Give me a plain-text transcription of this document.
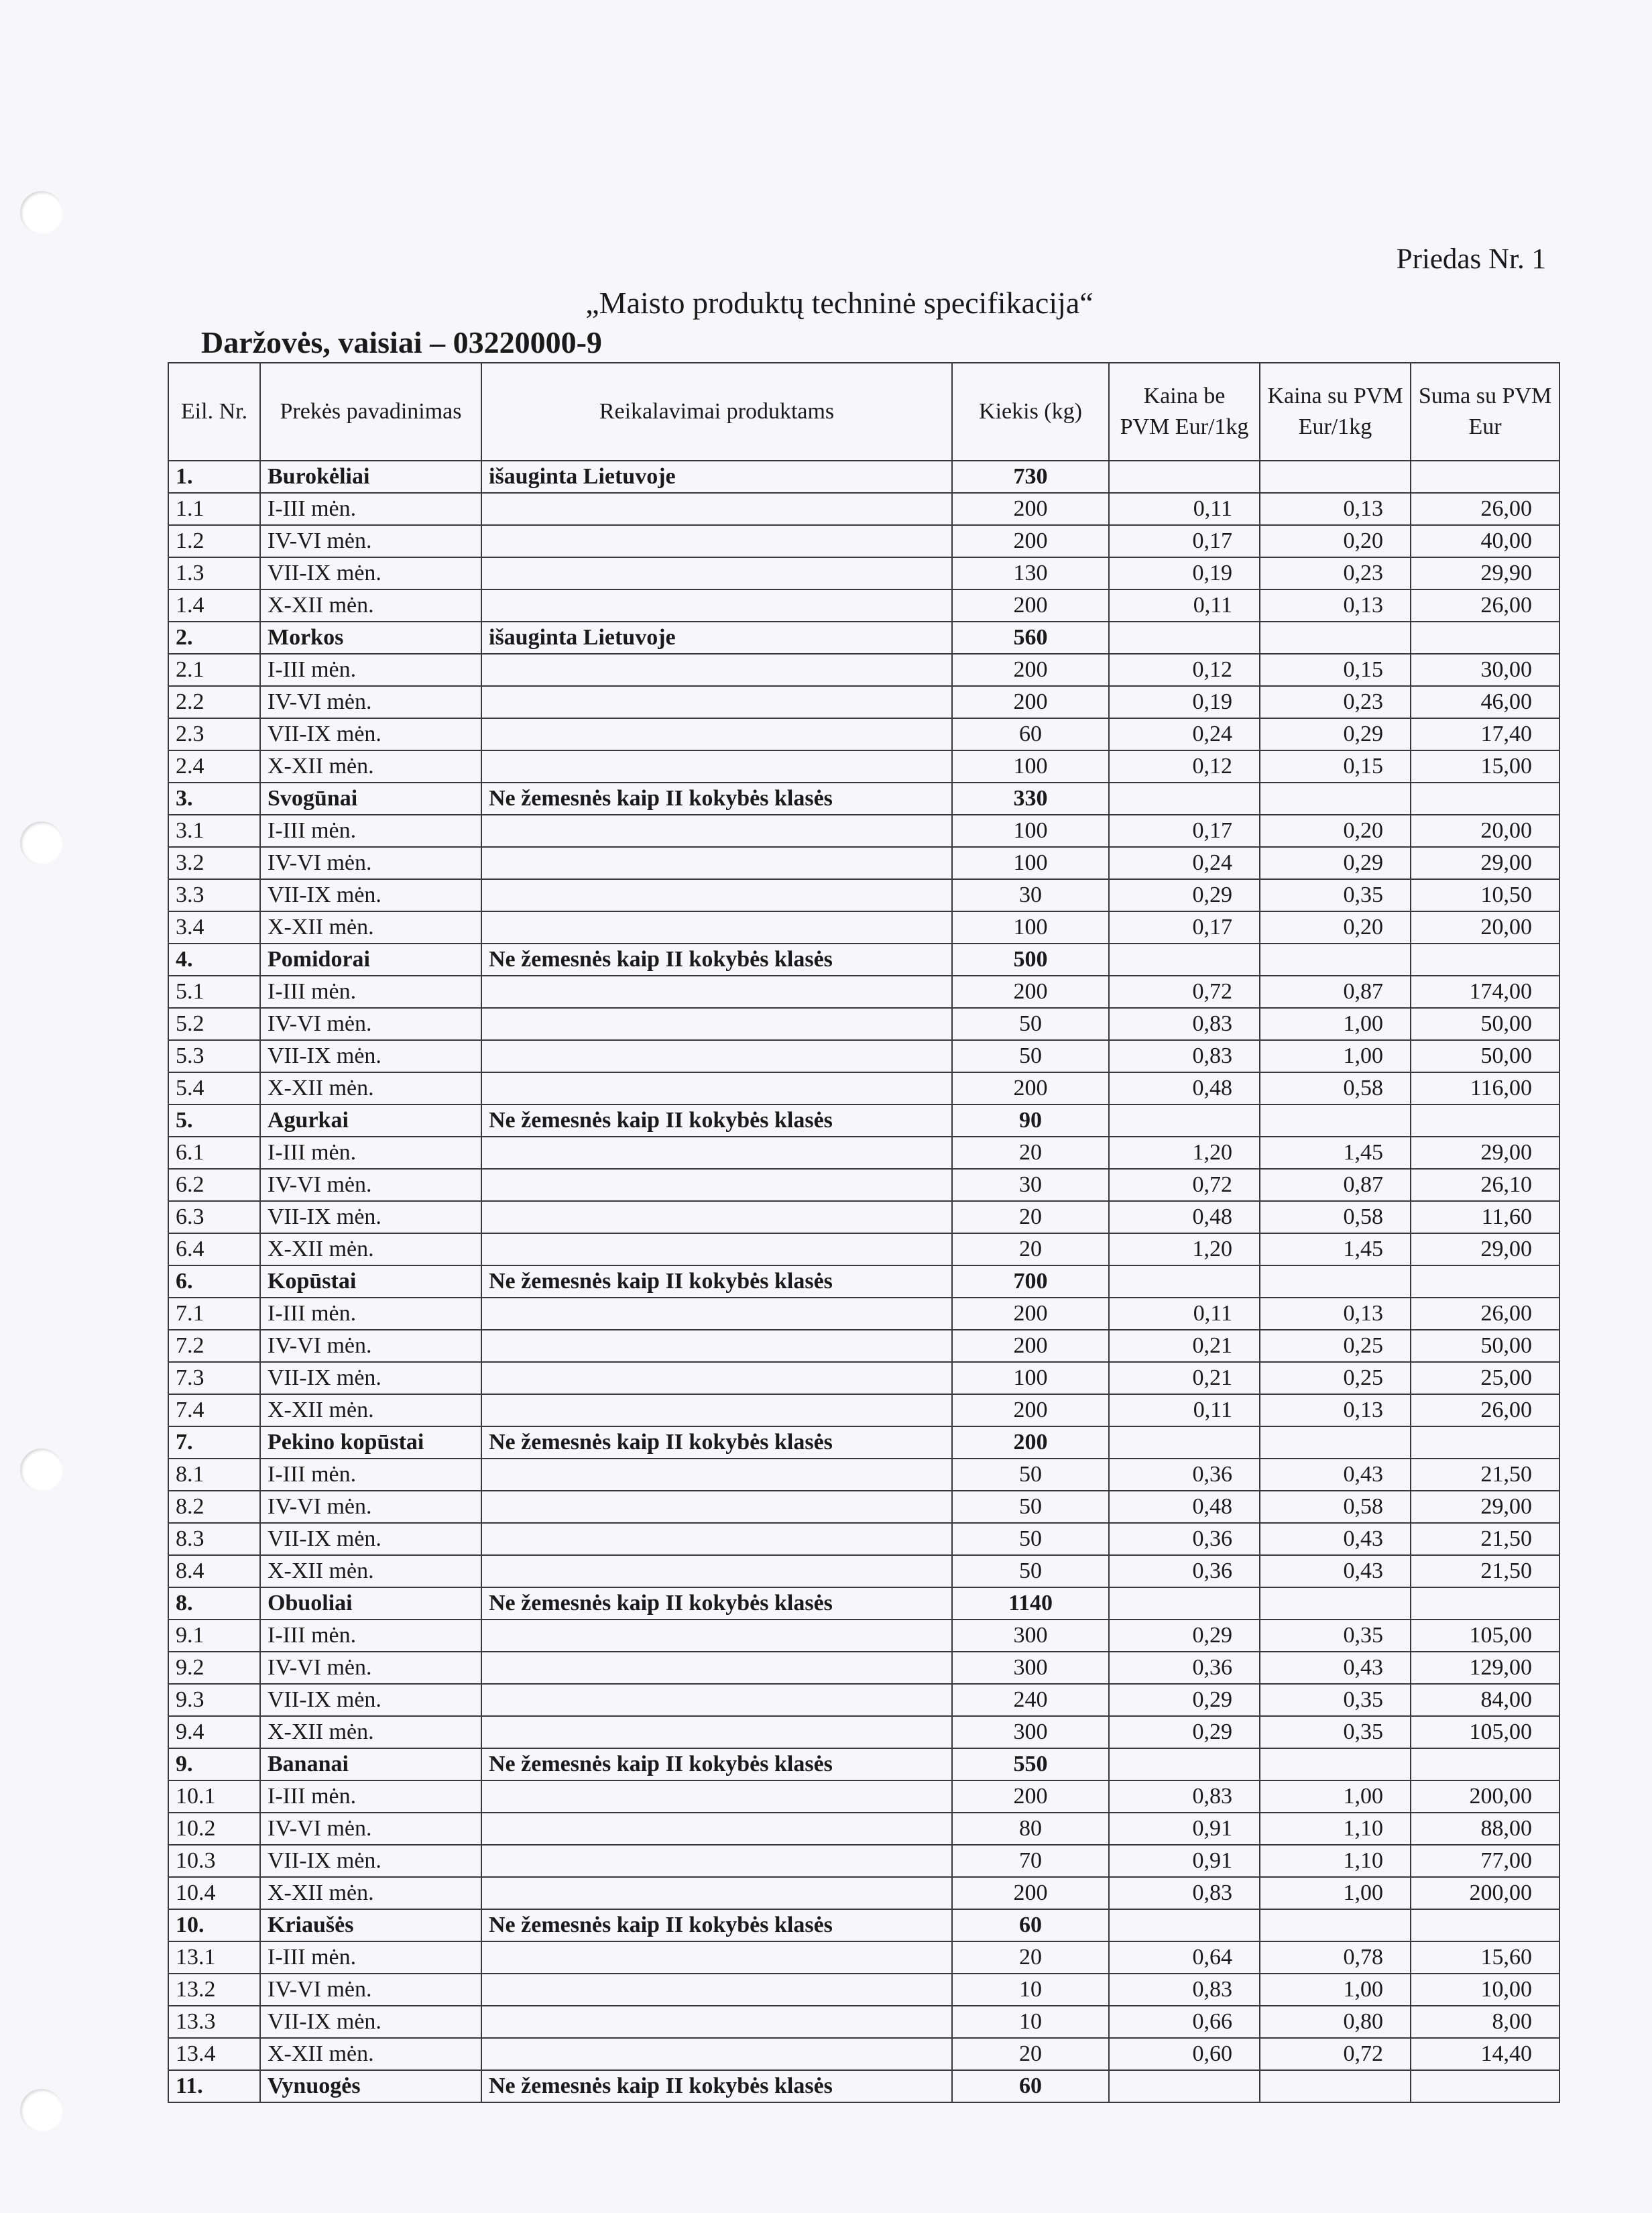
Priedas Nr. 1
„Maisto produktų techninė specifikacija“
Daržovės, vaisiai – 03220000-9
Eil. Nr.	Prekės pavadinimas	Reikalavimai produktams	Kiekis (kg)	Kaina be PVM Eur/1kg	Kaina su PVM Eur/1kg	Suma su PVM Eur
1.	Burokėliai	išauginta Lietuvoje	730			
1.1	I-III mėn.		200	0,11	0,13	26,00
1.2	IV-VI mėn.		200	0,17	0,20	40,00
1.3	VII-IX mėn.		130	0,19	0,23	29,90
1.4	X-XII mėn.		200	0,11	0,13	26,00
2.	Morkos	išauginta Lietuvoje	560			
2.1	I-III mėn.		200	0,12	0,15	30,00
2.2	IV-VI mėn.		200	0,19	0,23	46,00
2.3	VII-IX mėn.		60	0,24	0,29	17,40
2.4	X-XII mėn.		100	0,12	0,15	15,00
3.	Svogūnai	Ne žemesnės kaip II kokybės klasės	330			
3.1	I-III mėn.		100	0,17	0,20	20,00
3.2	IV-VI mėn.		100	0,24	0,29	29,00
3.3	VII-IX mėn.		30	0,29	0,35	10,50
3.4	X-XII mėn.		100	0,17	0,20	20,00
4.	Pomidorai	Ne žemesnės kaip II kokybės klasės	500			
5.1	I-III mėn.		200	0,72	0,87	174,00
5.2	IV-VI mėn.		50	0,83	1,00	50,00
5.3	VII-IX mėn.		50	0,83	1,00	50,00
5.4	X-XII mėn.		200	0,48	0,58	116,00
5.	Agurkai	Ne žemesnės kaip II kokybės klasės	90			
6.1	I-III mėn.		20	1,20	1,45	29,00
6.2	IV-VI mėn.		30	0,72	0,87	26,10
6.3	VII-IX mėn.		20	0,48	0,58	11,60
6.4	X-XII mėn.		20	1,20	1,45	29,00
6.	Kopūstai	Ne žemesnės kaip II kokybės klasės	700			
7.1	I-III mėn.		200	0,11	0,13	26,00
7.2	IV-VI mėn.		200	0,21	0,25	50,00
7.3	VII-IX mėn.		100	0,21	0,25	25,00
7.4	X-XII mėn.		200	0,11	0,13	26,00
7.	Pekino kopūstai	Ne žemesnės kaip II kokybės klasės	200			
8.1	I-III mėn.		50	0,36	0,43	21,50
8.2	IV-VI mėn.		50	0,48	0,58	29,00
8.3	VII-IX mėn.		50	0,36	0,43	21,50
8.4	X-XII mėn.		50	0,36	0,43	21,50
8.	Obuoliai	Ne žemesnės kaip II kokybės klasės	1140			
9.1	I-III mėn.		300	0,29	0,35	105,00
9.2	IV-VI mėn.		300	0,36	0,43	129,00
9.3	VII-IX mėn.		240	0,29	0,35	84,00
9.4	X-XII mėn.		300	0,29	0,35	105,00
9.	Bananai	Ne žemesnės kaip II kokybės klasės	550			
10.1	I-III mėn.		200	0,83	1,00	200,00
10.2	IV-VI mėn.		80	0,91	1,10	88,00
10.3	VII-IX mėn.		70	0,91	1,10	77,00
10.4	X-XII mėn.		200	0,83	1,00	200,00
10.	Kriaušės	Ne žemesnės kaip II kokybės klasės	60			
13.1	I-III mėn.		20	0,64	0,78	15,60
13.2	IV-VI mėn.		10	0,83	1,00	10,00
13.3	VII-IX mėn.		10	0,66	0,80	8,00
13.4	X-XII mėn.		20	0,60	0,72	14,40
11.	Vynuogės	Ne žemesnės kaip II kokybės klasės	60			
